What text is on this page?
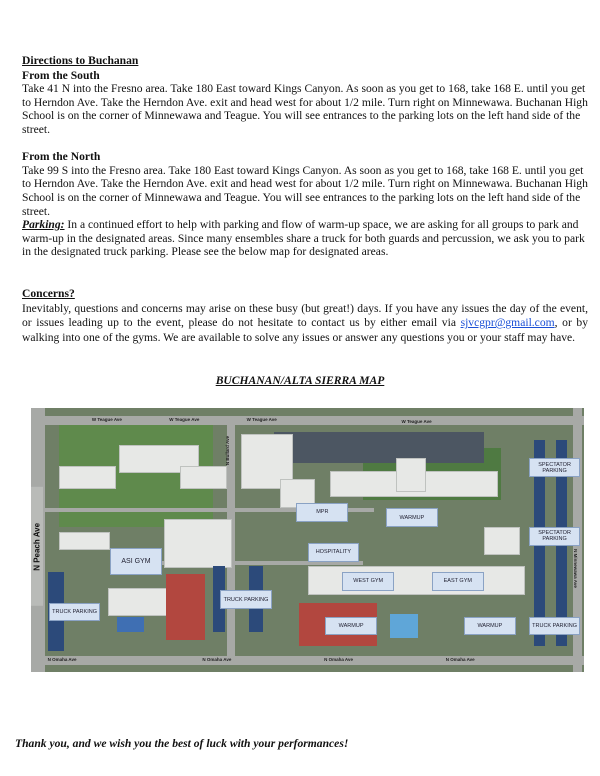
Directions to Buchanan

From the South

Take 41 N into the Fresno area. Take 180 East toward Kings Canyon. As soon as you get to 168, take 168 E. until you get to Herndon Ave. Take the Herndon Ave. exit and head west for about 1/2 mile. Turn right on Minnewawa. Buchanan High School is on the corner of Minnewawa and Teague. You will see entrances to the parking lots on the left hand side of the street.

From the North

Take 99 S into the Fresno area. Take 180 East toward Kings Canyon. As soon as you get to 168, take 168 E. until you get to Herndon Ave. Take the Herndon Ave. exit and head west for about 1/2 mile. Turn right on Minnewawa. Buchanan High School is on the corner of Minnewawa and Teague. You will see entrances to the parking lots on the left hand side of the street.

Parking: In a continued effort to help with parking and flow of warm-up space, we are asking for all groups to park and warm-up in the designated areas. Since many ensembles share a truck for both guards and percussion, we ask you to park in the designated truck parking. Please see the below map for designated areas.

Concerns?

Inevitably, questions and concerns may arise on these busy (but great!) days. If you have any issues the day of the event, or issues leading up to the event, please do not hesitate to contact us by either email via sjvcgpr@gmail.com, or by walking into one of the gyms. We are available to solve any issues or answer any questions you or your staff may have.

BUCHANAN/ALTA SIERRA MAP
W Teague Ave	W Teague Ave	W Teague Ave	W Teague Ave
N Omaha Ave	N Omaha Ave	N Omaha Ave	N Omaha Ave
N Peach Ave	N Minnewawa Ave
N Bullard Ave
MPR
WARMUP
SPECTATOR PARKING
SPECTATOR PARKING
HOSPITALITY
ASI GYM
WEST GYM	EAST GYM
TRUCK PARKING
TRUCK PARKING
WARMUP	WARMUP	TRUCK PARKING
Thank you, and we wish you the best of luck with your performances!
